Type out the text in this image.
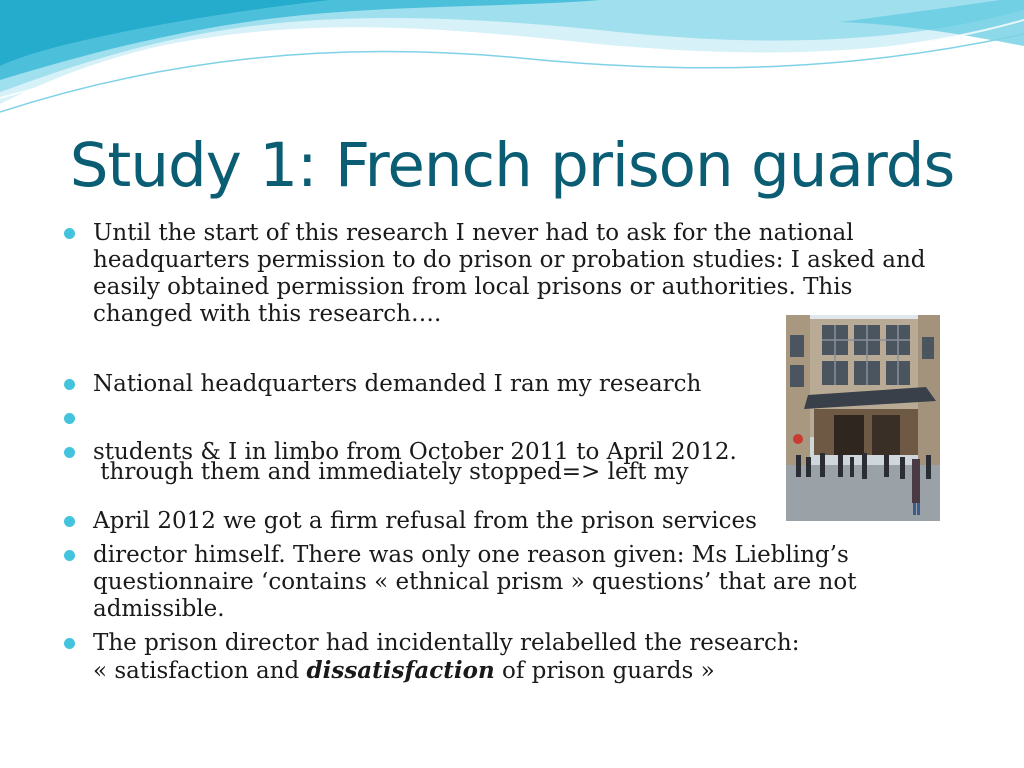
Study 1: French prison guards

Until the start of this research I never had to ask for the national
headquarters permission to do prison or probation studies: I asked and
easily obtained permission from local prisons or authorities. This
changed with this research….

National headquarters demanded I ran my research

through them and immediately stopped=> left my

students & I in limbo from October 2011 to April 2012.

April 2012 we got a firm refusal from the prison services

director himself. There was only one reason given: Ms Liebling’s
questionnaire ‘contains « ethnical prism » questions’ that are not
admissible.

The prison director had incidentally relabelled the research:
« satisfaction and dissatisfaction of prison guards »
